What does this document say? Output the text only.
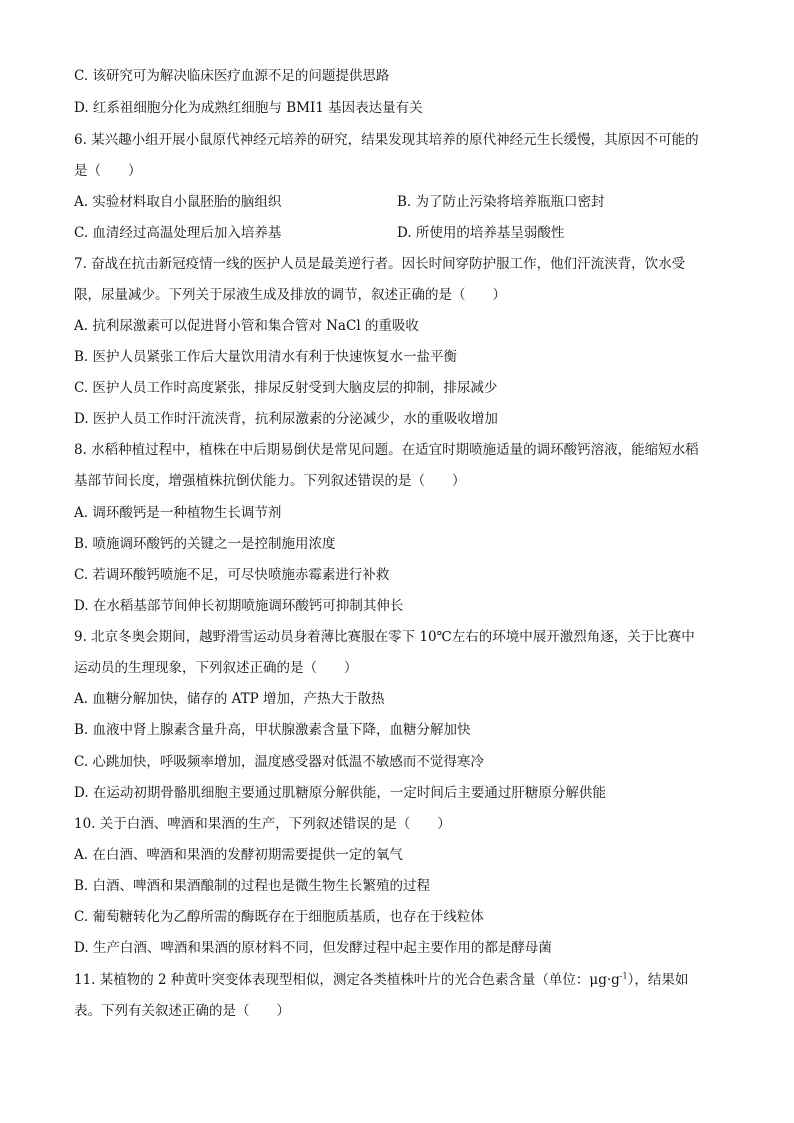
C. 该研究可为解决临床医疗血源不足的问题提供思路
D. 红系祖细胞分化为成熟红细胞与 BMI1 基因表达量有关
6. 某兴趣小组开展小鼠原代神经元培养的研究，结果发现其培养的原代神经元生长缓慢，其原因不可能的
是（　　）
A. 实验材料取自小鼠胚胎的脑组织	B. 为了防止污染将培养瓶瓶口密封
C. 血清经过高温处理后加入培养基	D. 所使用的培养基呈弱酸性
7. 奋战在抗击新冠疫情一线的医护人员是最美逆行者。因长时间穿防护服工作，他们汗流浃背，饮水受
限，尿量减少。下列关于尿液生成及排放的调节，叙述正确的是（　　）
A. 抗利尿激素可以促进肾小管和集合管对 NaCl 的重吸收
B. 医护人员紧张工作后大量饮用清水有利于快速恢复水一盐平衡
C. 医护人员工作时高度紧张，排尿反射受到大脑皮层的抑制，排尿减少
D. 医护人员工作时汗流浃背，抗利尿激素的分泌减少，水的重吸收增加
8. 水稻种植过程中，植株在中后期易倒伏是常见问题。在适宜时期喷施适量的调环酸钙溶液，能缩短水稻
基部节间长度，增强植株抗倒伏能力。下列叙述错误的是（　　）
A. 调环酸钙是一种植物生长调节剂
B. 喷施调环酸钙的关键之一是控制施用浓度
C. 若调环酸钙喷施不足，可尽快喷施赤霉素进行补救
D. 在水稻基部节间伸长初期喷施调环酸钙可抑制其伸长
9. 北京冬奥会期间，越野滑雪运动员身着薄比赛服在零下 10℃左右的环境中展开激烈角逐，关于比赛中
运动员的生理现象，下列叙述正确的是（　　）
A. 血糖分解加快，储存的 ATP 增加，产热大于散热
B. 血液中肾上腺素含量升高，甲状腺激素含量下降，血糖分解加快
C. 心跳加快，呼吸频率增加，温度感受器对低温不敏感而不觉得寒冷
D. 在运动初期骨骼肌细胞主要通过肌糖原分解供能，一定时间后主要通过肝糖原分解供能
10. 关于白酒、啤酒和果酒的生产，下列叙述错误的是（　　）
A. 在白酒、啤酒和果酒的发酵初期需要提供一定的氧气
B. 白酒、啤酒和果酒酿制的过程也是微生物生长繁殖的过程
C. 葡萄糖转化为乙醇所需的酶既存在于细胞质基质，也存在于线粒体
D. 生产白酒、啤酒和果酒的原材料不同，但发酵过程中起主要作用的都是酵母菌
11. 某植物的 2 种黄叶突变体表现型相似，测定各类植株叶片的光合色素含量（单位：$\mu g\cdot g^{-1}$），结果如
表。下列有关叙述正确的是（　　）
